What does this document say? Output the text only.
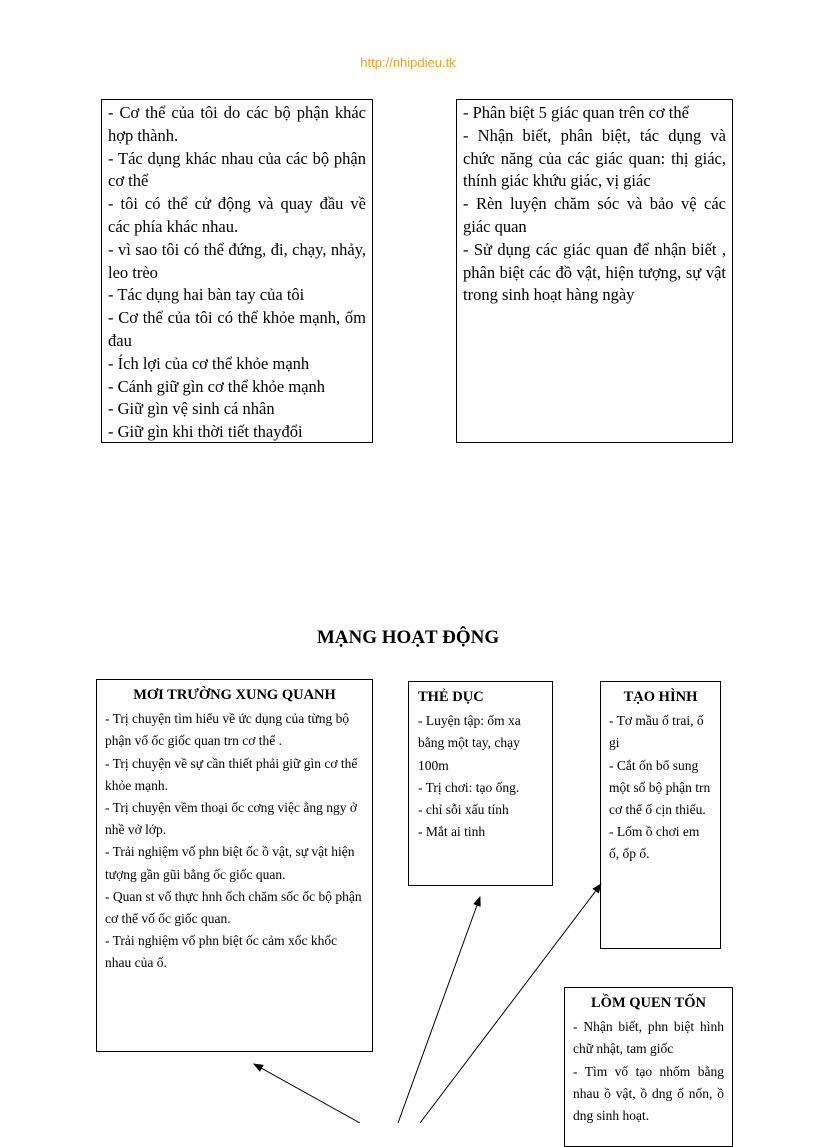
http://nhipdieu.tk
- Cơ thể của tôi do các bộ phận khác hợp thành.
- Tác dụng khác nhau của các bộ phận cơ thể
- tôi có thể cử động và quay đầu về các phía khác nhau.
- vì sao tôi có thể đứng, đi, chạy, nhảy, leo trèo
- Tác dụng hai bàn tay của tôi
- Cơ thể của tôi có thể khỏe mạnh, ốm đau
- Ích lợi của cơ thể khỏe mạnh
- Cánh giữ gìn cơ thể khỏe mạnh
- Giữ gìn vệ sinh cá nhân
- Giữ gìn khi thời tiết thayđổi
- Phân biệt 5 giác quan trên cơ thể
- Nhận biết, phân biệt, tác dụng và chức năng của các giác quan: thị giác, thính giác khứu giác, vị giác
- Rèn luyện chăm sóc và bảo vệ các giác quan
- Sử dụng các giác quan để nhận biết , phân biệt các đồ vật, hiện tượng, sự vật trong sinh hoạt hàng ngày
MẠNG HOẠT ĐỘNG
MƠI TRƯỜNG XUNG QUANH
- Trị chuyện tìm hiểu về ức dụng của từng bộ phận vố ốc giốc quan trn cơ thể .
- Trị chuyện về sự cần thiết phải giữ gìn cơ thể khỏe mạnh.
- Trị chuyện vềm thoại ốc cơng việc ằng ngy ở nhề vở lớp.
- Trải nghiệm vố phn biệt ốc ồ vật, sự vật hiện tượng gần gũi bằng ốc giốc quan.
- Quan st vố thực hnh ốch chăm sốc ốc bộ phận cơ thể vố ốc giốc quan.
- Trải nghiệm vố phn biệt ốc cảm xốc khốc nhau của ố.
THẺ DỤC
- Luyện tập: ốm xa bằng một tay, chạy 100m
- Trị chơi: tạo ống.
- chỉ sỗi xấu tính
- Mắt ai tinh
TẠO HÌNH
- Tơ mầu ố trai, ố gi
- Cắt ốn bổ sung một số bộ phận trn cơ thể ố cịn thiếu.
- Lốm ồ chơi em ố, ốp ố.
LỒM QUEN TỐN
- Nhận biết, phn biệt hình chữ nhật, tam giốc
- Tìm vố tạo nhốm bằng nhau ồ vật, ồ dng ố nốn, ồ dng sinh hoạt.
